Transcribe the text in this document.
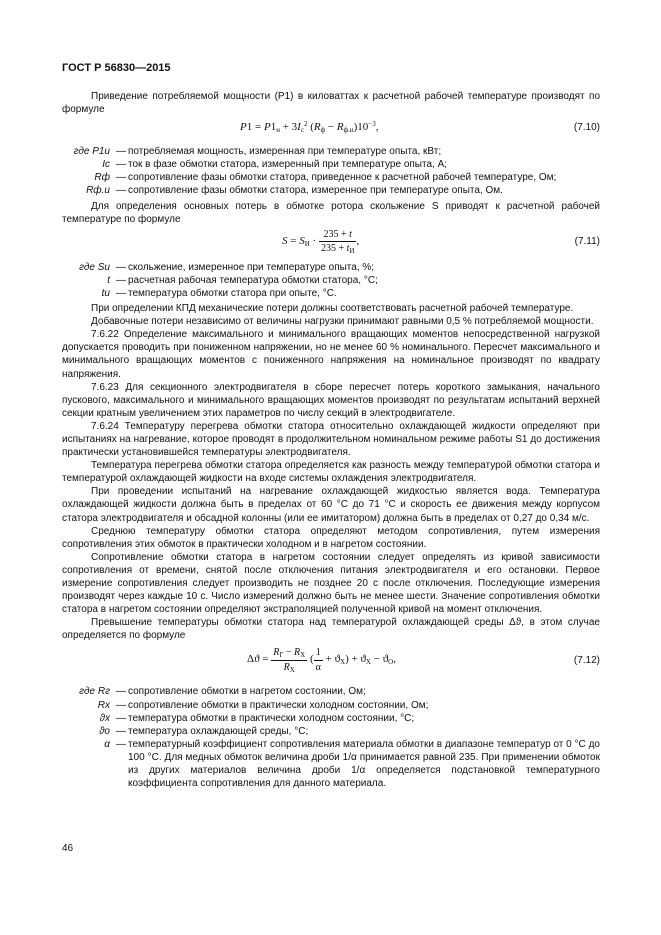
ГОСТ Р 56830—2015

Приведение потребляемой мощности (P1) в киловаттах к расчетной рабочей температуре производят по формуле

$P1 = P1_и + 3I_с^2$ $(R_ф - R_{ф.и})10^{-3}$,	(7.10)
где P1и — потребляемая мощность, измеренная при температуре опыта, кВт;
Iс — ток в фазе обмотки статора, измеренный при температуре опыта, А;
Rф — сопротивление фазы обмотки статора, приведенное к расчетной рабочей температуре, Ом;
Rф.и — сопротивление фазы обмотки статора, измеренное при температуре опыта, Ом.

Для определения основных потерь в обмотке ротора скольжение S приводят к расчетной рабочей температуре по формуле

$S = S_И \cdot \frac{235 + t}{235 + t_И}$ ,	(7.11)
где Sи — скольжение, измеренное при температуре опыта, %;
t — расчетная рабочая температура обмотки статора, °С;
tи — температура обмотки статора при опыте, °С.

При определении КПД механические потери должны соответствовать расчетной рабочей температуре.

Добавочные потери независимо от величины нагрузки принимают равными 0,5 % потребляемой мощности.

7.6.22 Определение максимального и минимального вращающих моментов непосредственной нагрузкой допускается проводить при пониженном напряжении, но не менее 60 % номинального. Пересчет максимального и минимального вращающих моментов с пониженного напряжения на номинальное производят по квадрату напряжения.

7.6.23 Для секционного электродвигателя в сборе пересчет потерь короткого замыкания, начального пускового, максимального и минимального вращающих моментов производят по результатам испытаний верхней секции кратным увеличением этих параметров по числу секций в электродвигателе.

7.6.24 Температуру перегрева обмотки статора относительно охлаждающей жидкости определяют при испытаниях на нагревание, которое проводят в продолжительном номинальном режиме работы S1 до достижения практически установившейся температуры электродвигателя.

Температура перегрева обмотки статора определяется как разность между температурой обмотки статора и температурой охлаждающей жидкости на входе системы охлаждения электродвигателя.

При проведении испытаний на нагревание охлаждающей жидкостью является вода. Температура охлаждающей жидкости должна быть в пределах от 60 °С до 71 °С и скорость ее движения между корпусом статора электродвигателя и обсадной колонны (или ее имитатором) должна быть в пределах от 0,27 до 0,34 м/с.

Среднюю температуру обмотки статора определяют методом сопротивления, путем измерения сопротивления этих обмоток в практически холодном и в нагретом состоянии.

Сопротивление обмотки статора в нагретом состоянии следует определять из кривой зависимости сопротивления от времени, снятой после отключения питания электродвигателя и его остановки. Первое измерение сопротивления следует производить не позднее 20 с после отключения. Последующие измерения производят через каждые 10 с. Число измерений должно быть не менее шести. Значение сопротивления обмотки статора в нагретом состоянии определяют экстраполяцией полученной кривой на момент отключения.

Превышение температуры обмотки статора над температурой охлаждающей среды Δϑ, в этом случае определяется по формуле

$\Delta ϑ = \frac{R_Г - R_Х}{R_Х}$ ( $\frac{1}{\alpha} + ϑ_Х) + ϑ_Х - ϑ_О$,	(7.12)
где Rг — сопротивление обмотки в нагретом состоянии, Ом;
Rх — сопротивление обмотки в практически холодном состоянии, Ом;
ϑх — температура обмотки в практически холодном состоянии, °С;
ϑо — температура охлаждающей среды, °С;
α — температурный коэффициент сопротивления материала обмотки в диапазоне температур от 0 °С до 100 °С. Для медных обмоток величина дроби 1/α принимается равной 235. При применении обмоток из других материалов величина дроби 1/α определяется подстановкой температурного коэффициента сопротивления для данного материала.
46
